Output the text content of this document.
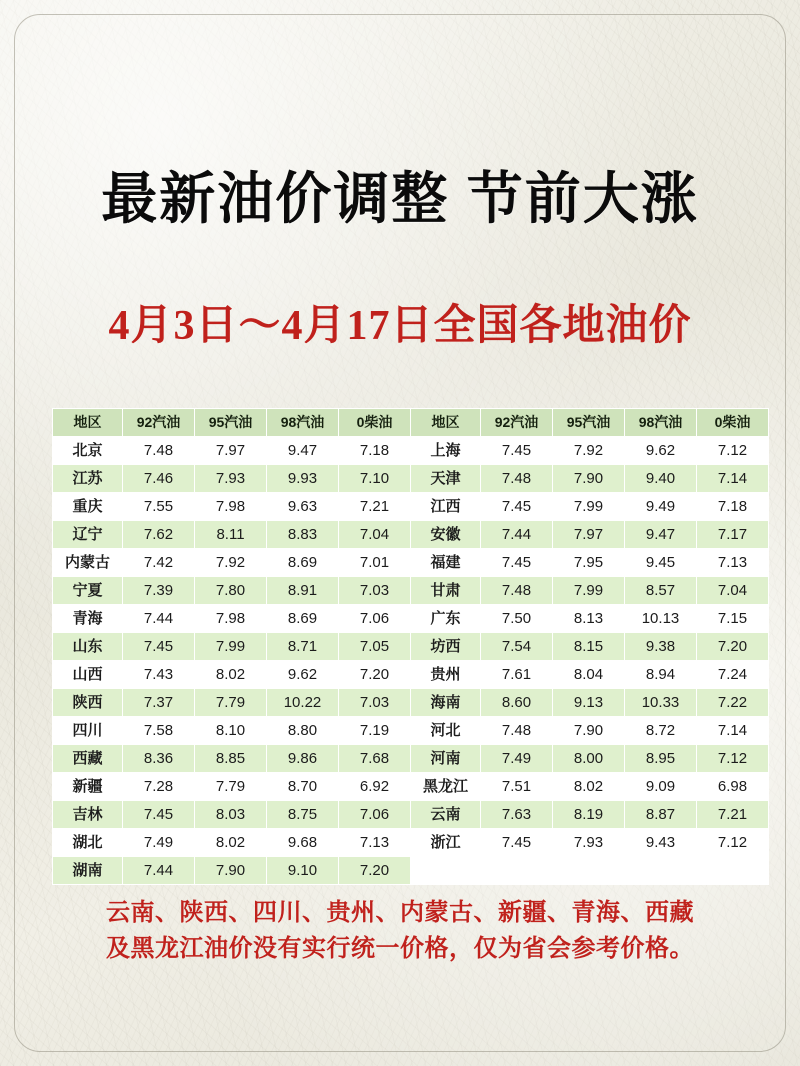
最新油价调整 节前大涨
4月3日～4月17日全国各地油价
地区	92汽油	95汽油	98汽油	0柴油	地区	92汽油	95汽油	98汽油	0柴油
北京	7.48	7.97	9.47	7.18	上海	7.45	7.92	9.62	7.12
江苏	7.46	7.93	9.93	7.10	天津	7.48	7.90	9.40	7.14
重庆	7.55	7.98	9.63	7.21	江西	7.45	7.99	9.49	7.18
辽宁	7.62	8.11	8.83	7.04	安徽	7.44	7.97	9.47	7.17
内蒙古	7.42	7.92	8.69	7.01	福建	7.45	7.95	9.45	7.13
宁夏	7.39	7.80	8.91	7.03	甘肃	7.48	7.99	8.57	7.04
青海	7.44	7.98	8.69	7.06	广东	7.50	8.13	10.13	7.15
山东	7.45	7.99	8.71	7.05	坊西	7.54	8.15	9.38	7.20
山西	7.43	8.02	9.62	7.20	贵州	7.61	8.04	8.94	7.24
陕西	7.37	7.79	10.22	7.03	海南	8.60	9.13	10.33	7.22
四川	7.58	8.10	8.80	7.19	河北	7.48	7.90	8.72	7.14
西藏	8.36	8.85	9.86	7.68	河南	7.49	8.00	8.95	7.12
新疆	7.28	7.79	8.70	6.92	黑龙江	7.51	8.02	9.09	6.98
吉林	7.45	8.03	8.75	7.06	云南	7.63	8.19	8.87	7.21
湖北	7.49	8.02	9.68	7.13	浙江	7.45	7.93	9.43	7.12
湖南	7.44	7.90	9.10	7.20					
云南、陕西、四川、贵州、内蒙古、新疆、青海、西藏
及黑龙江油价没有实行统一价格，仅为省会参考价格。
